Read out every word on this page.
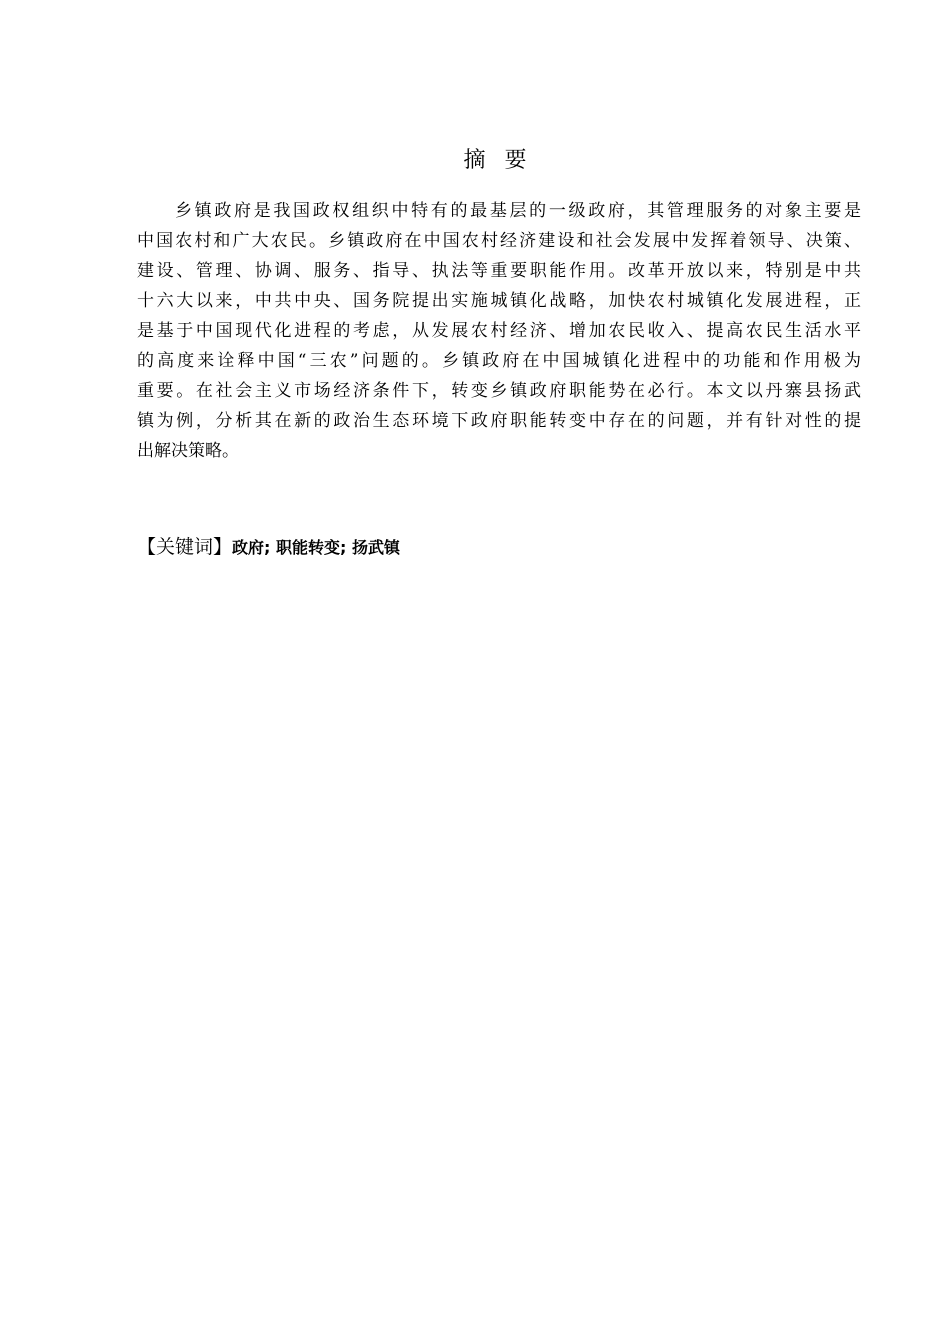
摘 要
乡镇政府是我国政权组织中特有的最基层的一级政府，其管理服务的对象主要是
中国农村和广大农民。乡镇政府在中国农村经济建设和社会发展中发挥着领导、决策、
建设、管理、协调、服务、指导、执法等重要职能作用。改革开放以来，特别是中共
十六大以来，中共中央、国务院提出实施城镇化战略，加快农村城镇化发展进程，正
是基于中国现代化进程的考虑，从发展农村经济、增加农民收入、提高农民生活水平
的高度来诠释中国“三农”问题的。乡镇政府在中国城镇化进程中的功能和作用极为
重要。在社会主义市场经济条件下，转变乡镇政府职能势在必行。本文以丹寨县扬武
镇为例，分析其在新的政治生态环境下政府职能转变中存在的问题，并有针对性的提
出解决策略。
【关键词】政府; 职能转变; 扬武镇
